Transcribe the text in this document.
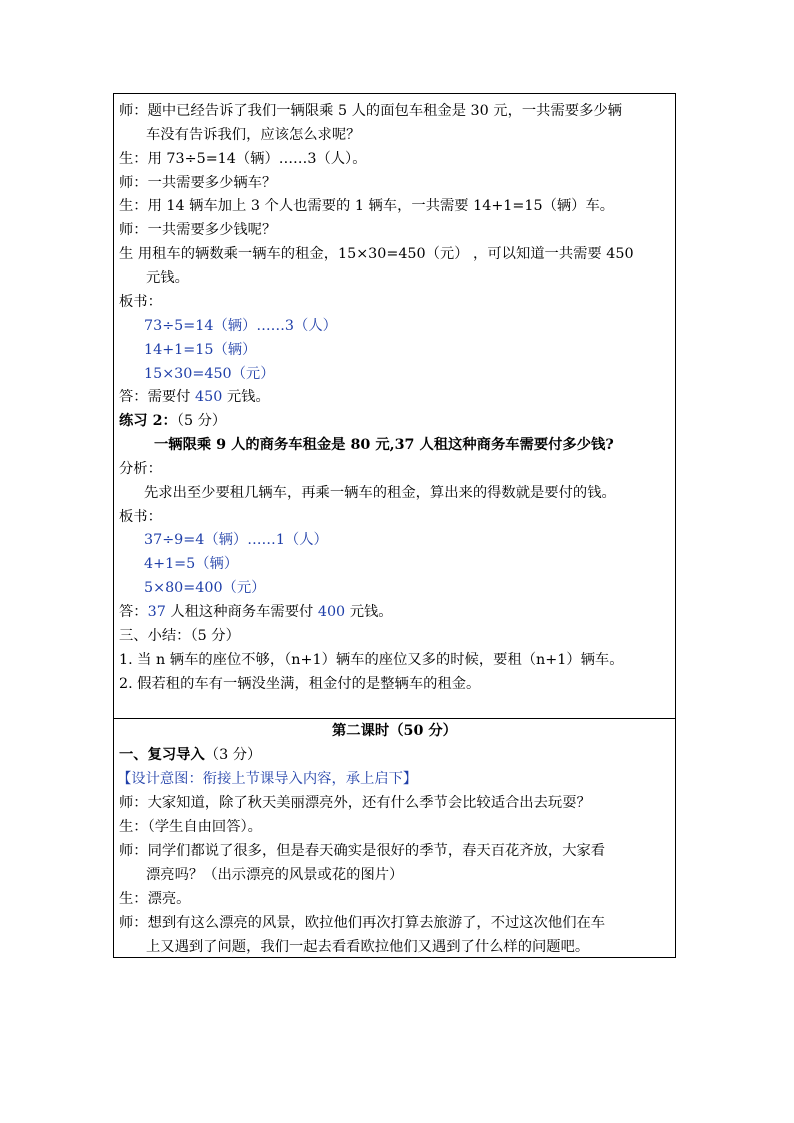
师：题中已经告诉了我们一辆限乘 5 人的面包车租金是 30 元，一共需要多少辆
车没有告诉我们，应该怎么求呢？
生：用 73÷5=14（辆）……3（人）。
师：一共需要多少辆车？
生：用 14 辆车加上 3 个人也需要的 1 辆车，一共需要 14+1=15（辆）车。
师：一共需要多少钱呢？
生 用租车的辆数乘一辆车的租金，15×30=450（元） ，可以知道一共需要 450
元钱。
板书：
73÷5=14（辆）……3（人）
14+1=15（辆）
15×30=450（元）
答：需要付 450 元钱。
练习 2：（5 分）
一辆限乘 9 人的商务车租金是 80 元,37 人租这种商务车需要付多少钱?
分析：
先求出至少要租几辆车，再乘一辆车的租金，算出来的得数就是要付的钱。
板书：
37÷9=4（辆）……1（人）
4+1=5（辆）
5×80=400（元）
答：37 人租这种商务车需要付 400 元钱。
三、小结：（5 分）
1. 当 n 辆车的座位不够，（n+1）辆车的座位又多的时候，要租（n+1）辆车。
2. 假若租的车有一辆没坐满，租金付的是整辆车的租金。
第二课时（50 分）
一、复习导入（3 分）
【设计意图：衔接上节课导入内容，承上启下】
师：大家知道，除了秋天美丽漂亮外，还有什么季节会比较适合出去玩耍？
生：（学生自由回答）。
师：同学们都说了很多，但是春天确实是很好的季节，春天百花齐放，大家看
漂亮吗？（出示漂亮的风景或花的图片）
生：漂亮。
师：想到有这么漂亮的风景，欧拉他们再次打算去旅游了，不过这次他们在车
上又遇到了问题，我们一起去看看欧拉他们又遇到了什么样的问题吧。
